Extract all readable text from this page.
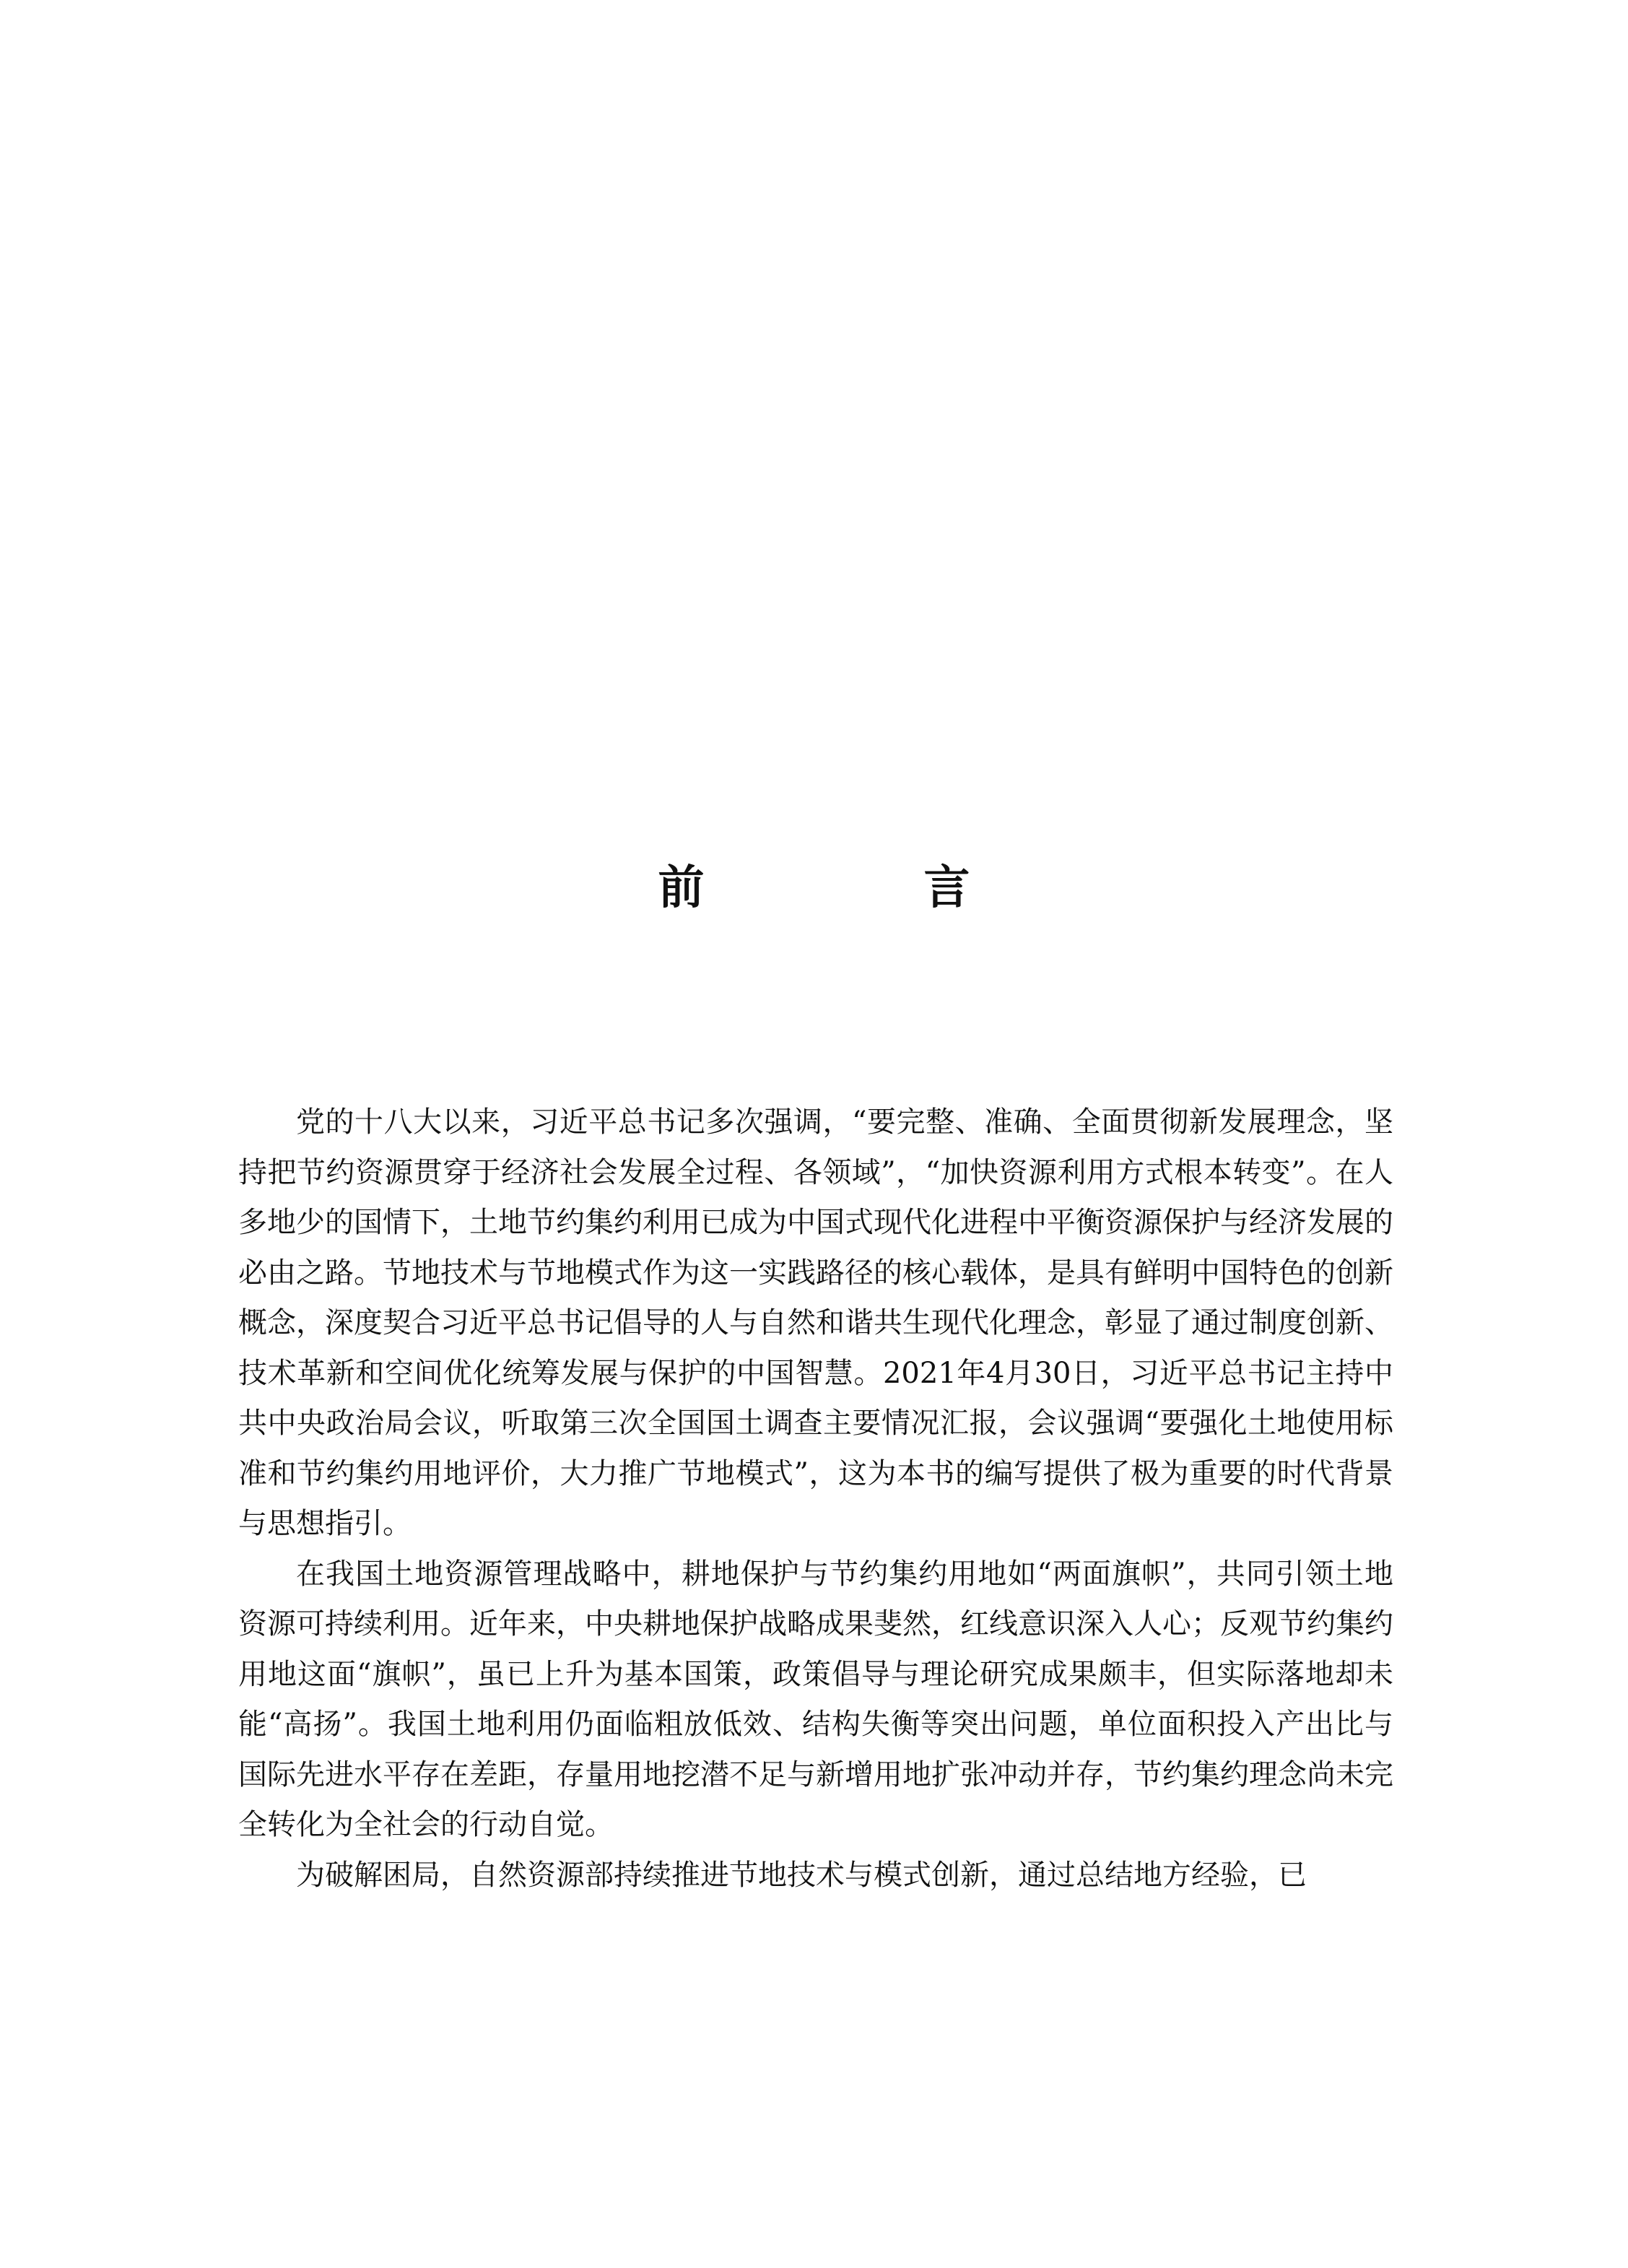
前　言

党的十八大以来，习近平总书记多次强调，“要完整、准确、全面贯彻新发展理念，坚持把节约资源贯穿于经济社会发展全过程、各领域”，“加快资源利用方式根本转变”。在人多地少的国情下，土地节约集约利用已成为中国式现代化进程中平衡资源保护与经济发展的必由之路。节地技术与节地模式作为这一实践路径的核心载体，是具有鲜明中国特色的创新概念，深度契合习近平总书记倡导的人与自然和谐共生现代化理念，彰显了通过制度创新、技术革新和空间优化统筹发展与保护的中国智慧。2021年4月30日，习近平总书记主持中共中央政治局会议，听取第三次全国国土调查主要情况汇报，会议强调“要强化土地使用标准和节约集约用地评价，大力推广节地模式”，这为本书的编写提供了极为重要的时代背景与思想指引。

在我国土地资源管理战略中，耕地保护与节约集约用地如“两面旗帜”，共同引领土地资源可持续利用。近年来，中央耕地保护战略成果斐然，红线意识深入人心；反观节约集约用地这面“旗帜”，虽已上升为基本国策，政策倡导与理论研究成果颇丰，但实际落地却未能“高扬”。我国土地利用仍面临粗放低效、结构失衡等突出问题，单位面积投入产出比与国际先进水平存在差距，存量用地挖潜不足与新增用地扩张冲动并存，节约集约理念尚未完全转化为全社会的行动自觉。

为破解困局，自然资源部持续推进节地技术与模式创新，通过总结地方经验，已
